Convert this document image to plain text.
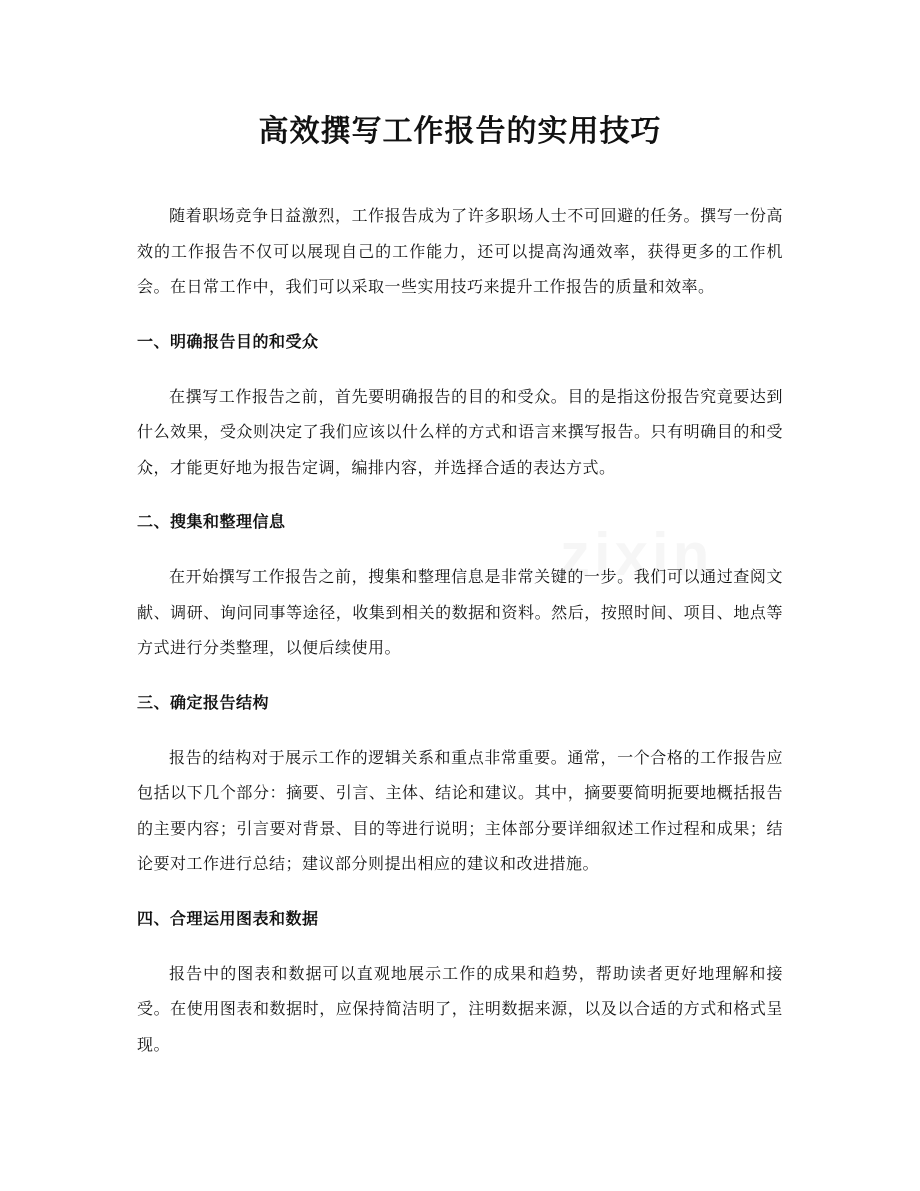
高效撰写工作报告的实用技巧

随着职场竞争日益激烈，工作报告成为了许多职场人士不可回避的任务。撰写一份高效的工作报告不仅可以展现自己的工作能力，还可以提高沟通效率，获得更多的工作机会。在日常工作中，我们可以采取一些实用技巧来提升工作报告的质量和效率。

一、明确报告目的和受众

在撰写工作报告之前，首先要明确报告的目的和受众。目的是指这份报告究竟要达到什么效果，受众则决定了我们应该以什么样的方式和语言来撰写报告。只有明确目的和受众，才能更好地为报告定调，编排内容，并选择合适的表达方式。

二、搜集和整理信息

在开始撰写工作报告之前，搜集和整理信息是非常关键的一步。我们可以通过查阅文献、调研、询问同事等途径，收集到相关的数据和资料。然后，按照时间、项目、地点等方式进行分类整理，以便后续使用。

三、确定报告结构

报告的结构对于展示工作的逻辑关系和重点非常重要。通常，一个合格的工作报告应包括以下几个部分：摘要、引言、主体、结论和建议。其中，摘要要简明扼要地概括报告的主要内容；引言要对背景、目的等进行说明；主体部分要详细叙述工作过程和成果；结论要对工作进行总结；建议部分则提出相应的建议和改进措施。

四、合理运用图表和数据

报告中的图表和数据可以直观地展示工作的成果和趋势，帮助读者更好地理解和接受。在使用图表和数据时，应保持简洁明了，注明数据来源，以及以合适的方式和格式呈现。
